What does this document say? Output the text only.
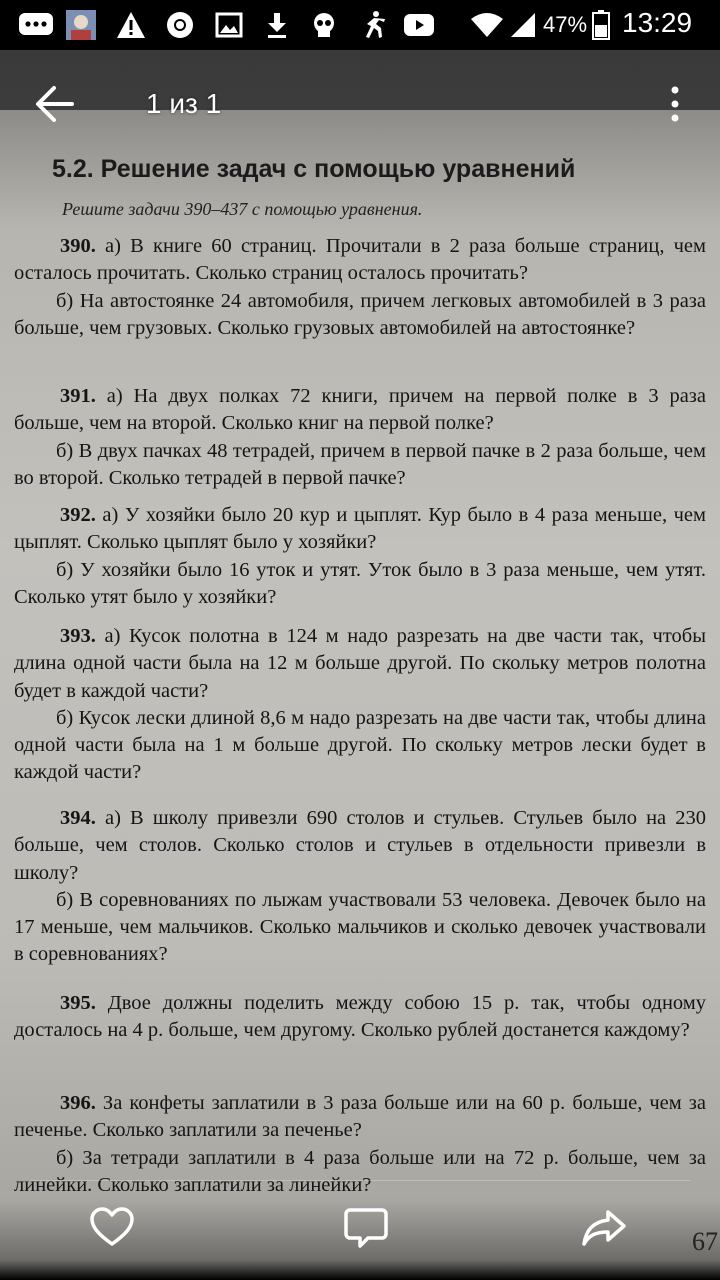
47% 13:29
5.2. Решение задач с помощью уравнений
Решите задачи 390–437 с помощью уравнения.

390. а) В книге 60 страниц. Прочитали в 2 раза больше страниц, чем осталось прочитать. Сколько страниц осталось прочитать?

б) На автостоянке 24 автомобиля, причем легковых автомобилей в 3 раза больше, чем грузовых. Сколько грузовых автомобилей на автостоянке?

391. а) На двух полках 72 книги, причем на первой полке в 3 раза больше, чем на второй. Сколько книг на первой полке?

б) В двух пачках 48 тетрадей, причем в первой пачке в 2 раза больше, чем во второй. Сколько тетрадей в первой пачке?

392. а) У хозяйки было 20 кур и цыплят. Кур было в 4 раза меньше, чем цыплят. Сколько цыплят было у хозяйки?

б) У хозяйки было 16 уток и утят. Уток было в 3 раза меньше, чем утят. Сколько утят было у хозяйки?

393. а) Кусок полотна в 124 м надо разрезать на две части так, чтобы длина одной части была на 12 м больше другой. По скольку метров полотна будет в каждой части?

б) Кусок лески длиной 8,6 м надо разрезать на две части так, чтобы длина одной части была на 1 м больше другой. По скольку метров лески будет в каждой части?

394. а) В школу привезли 690 столов и стульев. Стульев было на 230 больше, чем столов. Сколько столов и стульев в отдельности привезли в школу?

б) В соревнованиях по лыжам участвовали 53 человека. Девочек было на 17 меньше, чем мальчиков. Сколько мальчиков и сколько девочек участвовали в соревнованиях?

395. Двое должны поделить между собою 15 р. так, чтобы одному досталось на 4 р. больше, чем другому. Сколько рублей достанется каждому?

396. За конфеты заплатили в 3 раза больше или на 60 р. больше, чем за печенье. Сколько заплатили за печенье?

б) За тетради заплатили в 4 раза больше или на 72 р. больше, чем за линейки. Сколько заплатили за линейки?

67
1 из 1
